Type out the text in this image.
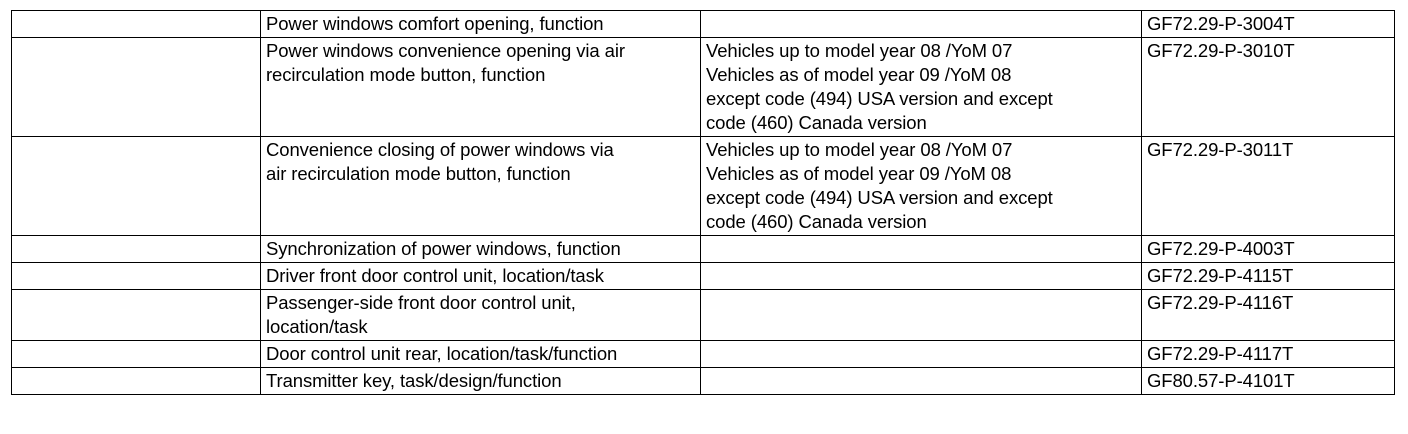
	Power windows comfort opening, function		GF72.29-P-3004T
	Power windows convenience opening via air
recirculation mode button, function	Vehicles up to model year 08 /YoM 07
Vehicles as of model year 09 /YoM 08
except code (494) USA version and except
code (460) Canada version	GF72.29-P-3010T
	Convenience closing of power windows via
air recirculation mode button, function	Vehicles up to model year 08 /YoM 07
Vehicles as of model year 09 /YoM 08
except code (494) USA version and except
code (460) Canada version	GF72.29-P-3011T
	Synchronization of power windows, function		GF72.29-P-4003T
	Driver front door control unit, location/task		GF72.29-P-4115T
	Passenger-side front door control unit,
location/task		GF72.29-P-4116T
	Door control unit rear, location/task/function		GF72.29-P-4117T
	Transmitter key, task/design/function		GF80.57-P-4101T
